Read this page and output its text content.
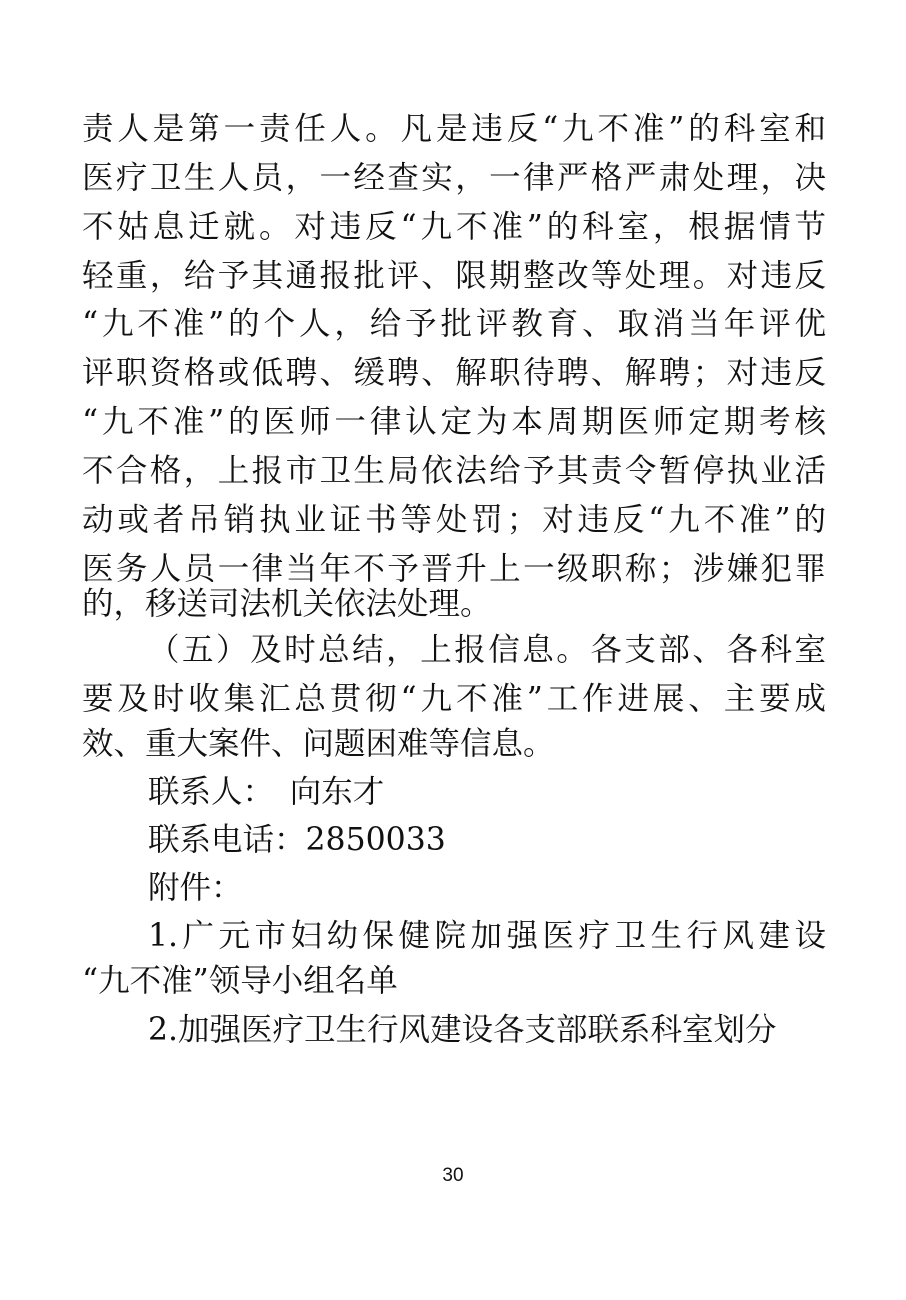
责人是第一责任人。凡是违反“九不准”的科室和
医疗卫生人员，一经查实，一律严格严肃处理，决
不姑息迁就。对违反“九不准”的科室，根据情节
轻重，给予其通报批评、限期整改等处理。对违反
“九不准”的个人，给予批评教育、取消当年评优
评职资格或低聘、缓聘、解职待聘、解聘；对违反
“九不准”的医师一律认定为本周期医师定期考核
不合格，上报市卫生局依法给予其责令暂停执业活
动或者吊销执业证书等处罚；对违反“九不准”的
医务人员一律当年不予晋升上一级职称；涉嫌犯罪
的，移送司法机关依法处理。
（五）及时总结，上报信息。各支部、各科室
要及时收集汇总贯彻“九不准”工作进展、主要成
效、重大案件、问题困难等信息。
联系人：　向东才
联系电话：2850033
附件：
1.广元市妇幼保健院加强医疗卫生行风建设
“九不准”领导小组名单
2.加强医疗卫生行风建设各支部联系科室划分
30
